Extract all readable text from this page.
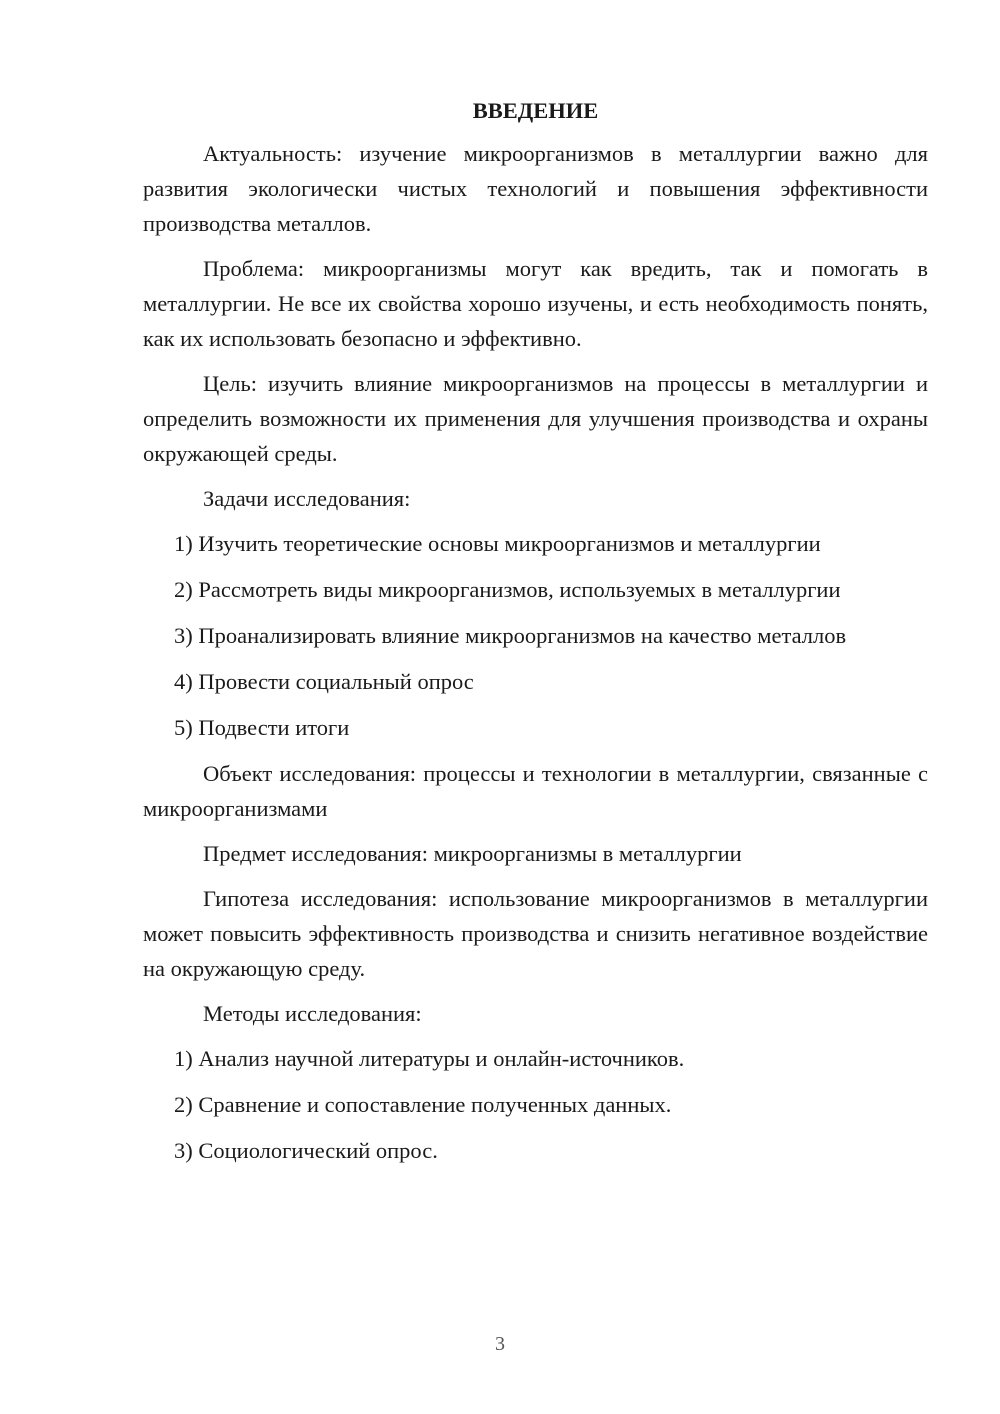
ВВЕДЕНИЕ

Актуальность: изучение микроорганизмов в металлургии важно для развития экологически чистых технологий и повышения эффективности производства металлов.

Проблема: микроорганизмы могут как вредить, так и помогать в металлургии. Не все их свойства хорошо изучены, и есть необходимость понять, как их использовать безопасно и эффективно.

Цель: изучить влияние микроорганизмов на процессы в металлургии и определить возможности их применения для улучшения производства и охраны окружающей среды.

Задачи исследования:

1) Изучить теоретические основы микроорганизмов и металлургии
2) Рассмотреть виды микроорганизмов, используемых в металлургии
3) Проанализировать влияние микроорганизмов на качество металлов
4) Провести социальный опрос
5) Подвести итоги

Объект исследования: процессы и технологии в металлургии, связанные с микроорганизмами

Предмет исследования: микроорганизмы в металлургии

Гипотеза исследования: использование микроорганизмов в металлургии может повысить эффективность производства и снизить негативное воздействие на окружающую среду.

Методы исследования:

1) Анализ научной литературы и онлайн-источников.
2) Сравнение и сопоставление полученных данных.
3) Социологический опрос.
3
